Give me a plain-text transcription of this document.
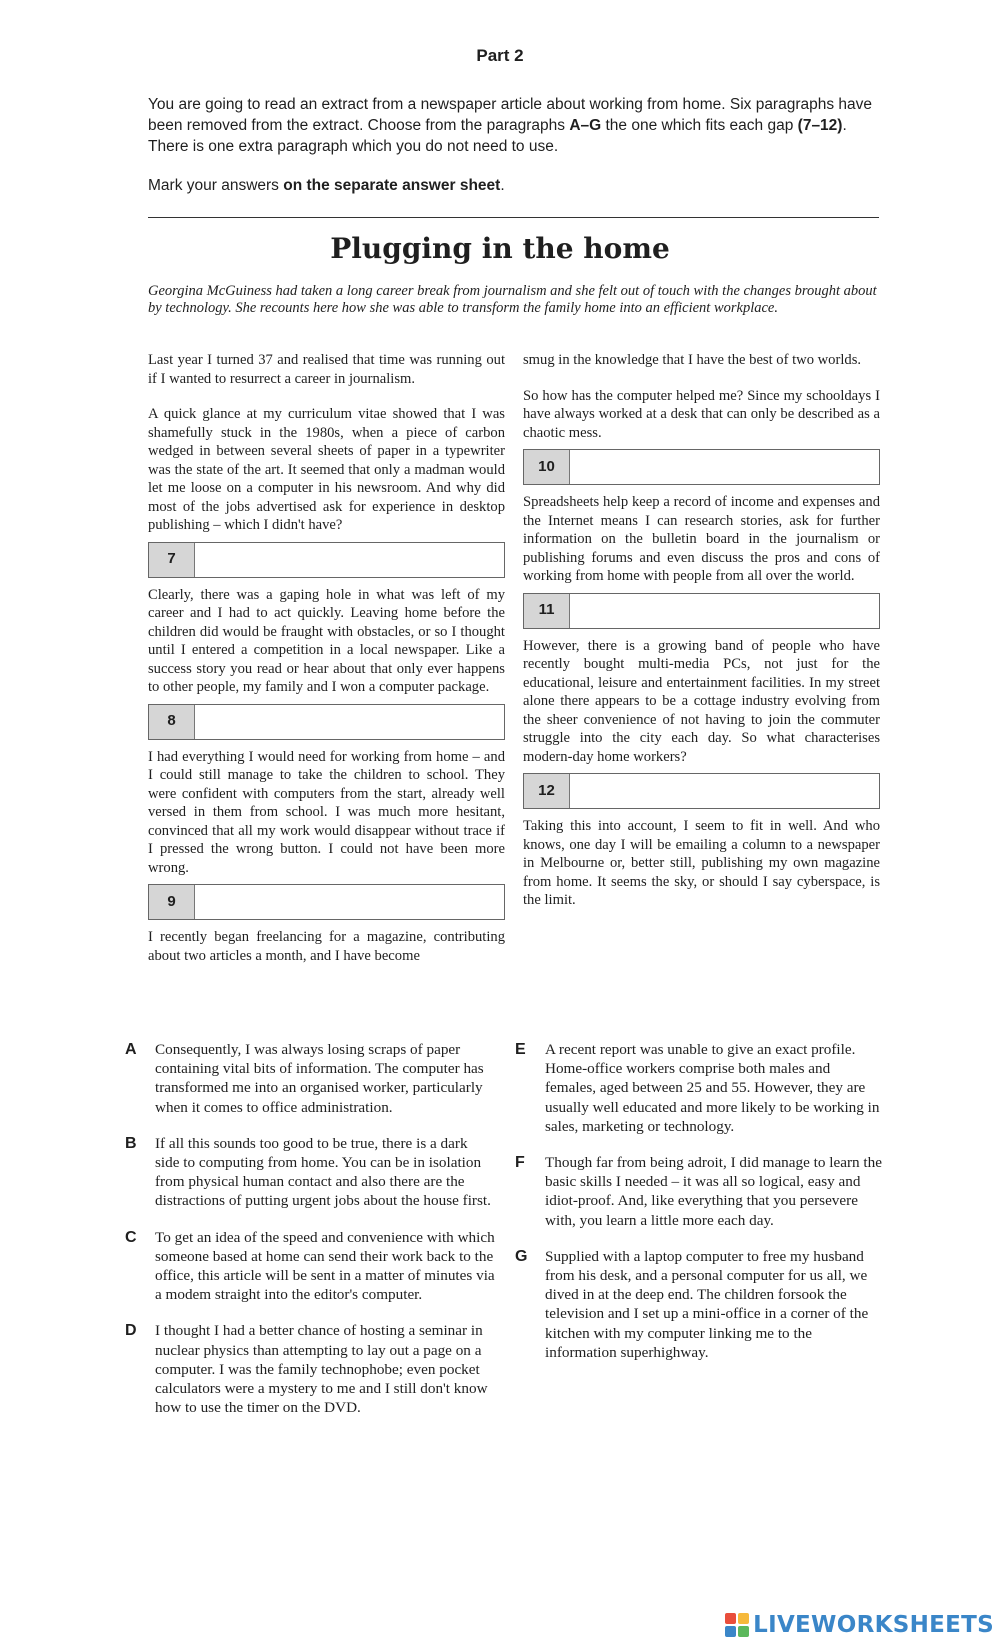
Part 2

You are going to read an extract from a newspaper article about working from home. Six paragraphs have been removed from the extract. Choose from the paragraphs A–G the one which fits each gap (7–12). There is one extra paragraph which you do not need to use.

Mark your answers on the separate answer sheet.

Plugging in the home
Georgina McGuiness had taken a long career break from journalism and she felt out of touch with the changes brought about by technology. She recounts here how she was able to transform the family home into an efficient workplace.

Last year I turned 37 and realised that time was running out if I wanted to resurrect a career in journalism.

A quick glance at my curriculum vitae showed that I was shamefully stuck in the 1980s, when a piece of carbon wedged in between several sheets of paper in a typewriter was the state of the art. It seemed that only a madman would let me loose on a computer in his newsroom. And why did most of the jobs advertised ask for experience in desktop publishing – which I didn't have?

7

Clearly, there was a gaping hole in what was left of my career and I had to act quickly. Leaving home before the children did would be fraught with obstacles, or so I thought until I entered a competition in a local newspaper. Like a success story you read or hear about that only ever happens to other people, my family and I won a computer package.

8

I had everything I would need for working from home – and I could still manage to take the children to school. They were confident with computers from the start, already well versed in them from school. I was much more hesitant, convinced that all my work would disappear without trace if I pressed the wrong button. I could not have been more wrong.

9

I recently began freelancing for a magazine, contributing about two articles a month, and I have become

smug in the knowledge that I have the best of two worlds.

So how has the computer helped me? Since my schooldays I have always worked at a desk that can only be described as a chaotic mess.

10

Spreadsheets help keep a record of income and expenses and the Internet means I can research stories, ask for further information on the bulletin board in the journalism or publishing forums and even discuss the pros and cons of working from home with people from all over the world.

11

However, there is a growing band of people who have recently bought multi-media PCs, not just for the educational, leisure and entertainment facilities. In my street alone there appears to be a cottage industry evolving from the sheer convenience of not having to join the commuter struggle into the city each day. So what characterises modern-day home workers?

12

Taking this into account, I seem to fit in well. And who knows, one day I will be emailing a column to a newspaper in Melbourne or, better still, publishing my own magazine from home. It seems the sky, or should I say cyberspace, is the limit.

A	Consequently, I was always losing scraps of paper containing vital bits of information. The computer has transformed me into an organised worker, particularly when it comes to office administration.
B	If all this sounds too good to be true, there is a dark side to computing from home. You can be in isolation from physical human contact and also there are the distractions of putting urgent jobs about the house first.
C	To get an idea of the speed and convenience with which someone based at home can send their work back to the office, this article will be sent in a matter of minutes via a modem straight into the editor's computer.
D	I thought I had a better chance of hosting a seminar in nuclear physics than attempting to lay out a page on a computer. I was the family technophobe; even pocket calculators were a mystery to me and I still don't know how to use the timer on the DVD.
E	A recent report was unable to give an exact profile. Home-office workers comprise both males and females, aged between 25 and 55. However, they are usually well educated and more likely to be working in sales, marketing or technology.
F	Though far from being adroit, I did manage to learn the basic skills I needed – it was all so logical, easy and idiot-proof. And, like everything that you persevere with, you learn a little more each day.
G	Supplied with a laptop computer to free my husband from his desk, and a personal computer for us all, we dived in at the deep end. The children forsook the television and I set up a mini-office in a corner of the kitchen with my computer linking me to the information superhighway.
LIVEWORKSHEETS
